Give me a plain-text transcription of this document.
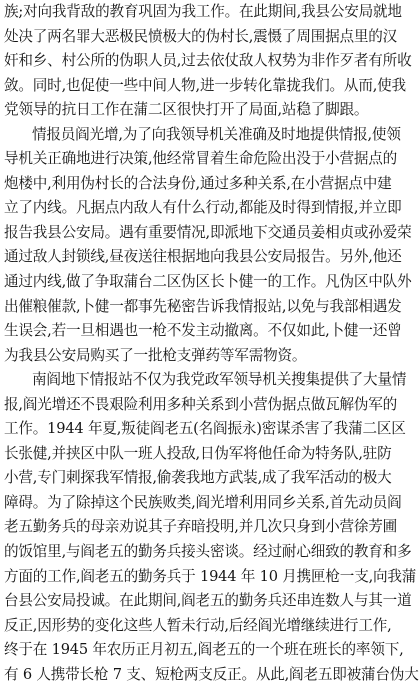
族;对向我背敌的教育巩固为我工作。在此期间,我县公安局就地
处决了两名罪大恶极民愤极大的伪村长,震慑了周围据点里的汉
奸和乡、村公所的伪职人员,过去依仗敌人权势为非作歹者有所收
敛。同时,也促使一些中间人物,进一步转化靠拢我们。从而,使我
党领导的抗日工作在蒲二区很快打开了局面,站稳了脚跟。
情报员阎光增,为了向我领导机关准确及时地提供情报,使领
导机关正确地进行决策,他经常冒着生命危险出没于小营据点的
炮楼中,利用伪村长的合法身份,通过多种关系,在小营据点中建
立了内线。凡据点内敌人有什么行动,都能及时得到情报,并立即
报告我县公安局。遇有重要情况,即派地下交通员姜相贞或孙爱荣
通过敌人封锁线,昼夜送往根据地向我县公安局报告。另外,他还
通过内线,做了争取蒲台二区伪区长卜健一的工作。凡伪区中队外
出催粮催款,卜健一都事先秘密告诉我情报站,以免与我部相遇发
生误会,若一旦相遇也一枪不发主动撤离。不仅如此,卜健一还曾
为我县公安局购买了一批枪支弹药等军需物资。
南阎地下情报站不仅为我党政军领导机关搜集提供了大量情
报,阎光增还不畏艰险利用多种关系到小营伪据点做瓦解伪军的
工作。1944 年夏,叛徒阎老五(名阎振永)密谋杀害了我蒲二区区
长张健,并挟区中队一班人投敌,日伪军将他任命为特务队,驻防
小营,专门刺探我军情报,偷袭我地方武装,成了我军活动的极大
障碍。为了除掉这个民族败类,阎光增利用同乡关系,首先动员阎
老五勤务兵的母亲劝说其子弃暗投明,并几次只身到小营徐芳圃
的饭馆里,与阎老五的勤务兵接头密谈。经过耐心细致的教育和多
方面的工作,阎老五的勤务兵于 1944 年 10 月携匣枪一支,向我蒲
台县公安局投诚。在此期间,阎老五的勤务兵还串连数人与其一道
反正,因形势的变化这些人暂未行动,后经阎光增继续进行工作,
终于在 1945 年农历正月初五,阎老五的一个班在班长的率领下,
有 6 人携带长枪 7 支、短枪两支反正。从此,阎老五即被蒲台伪大
